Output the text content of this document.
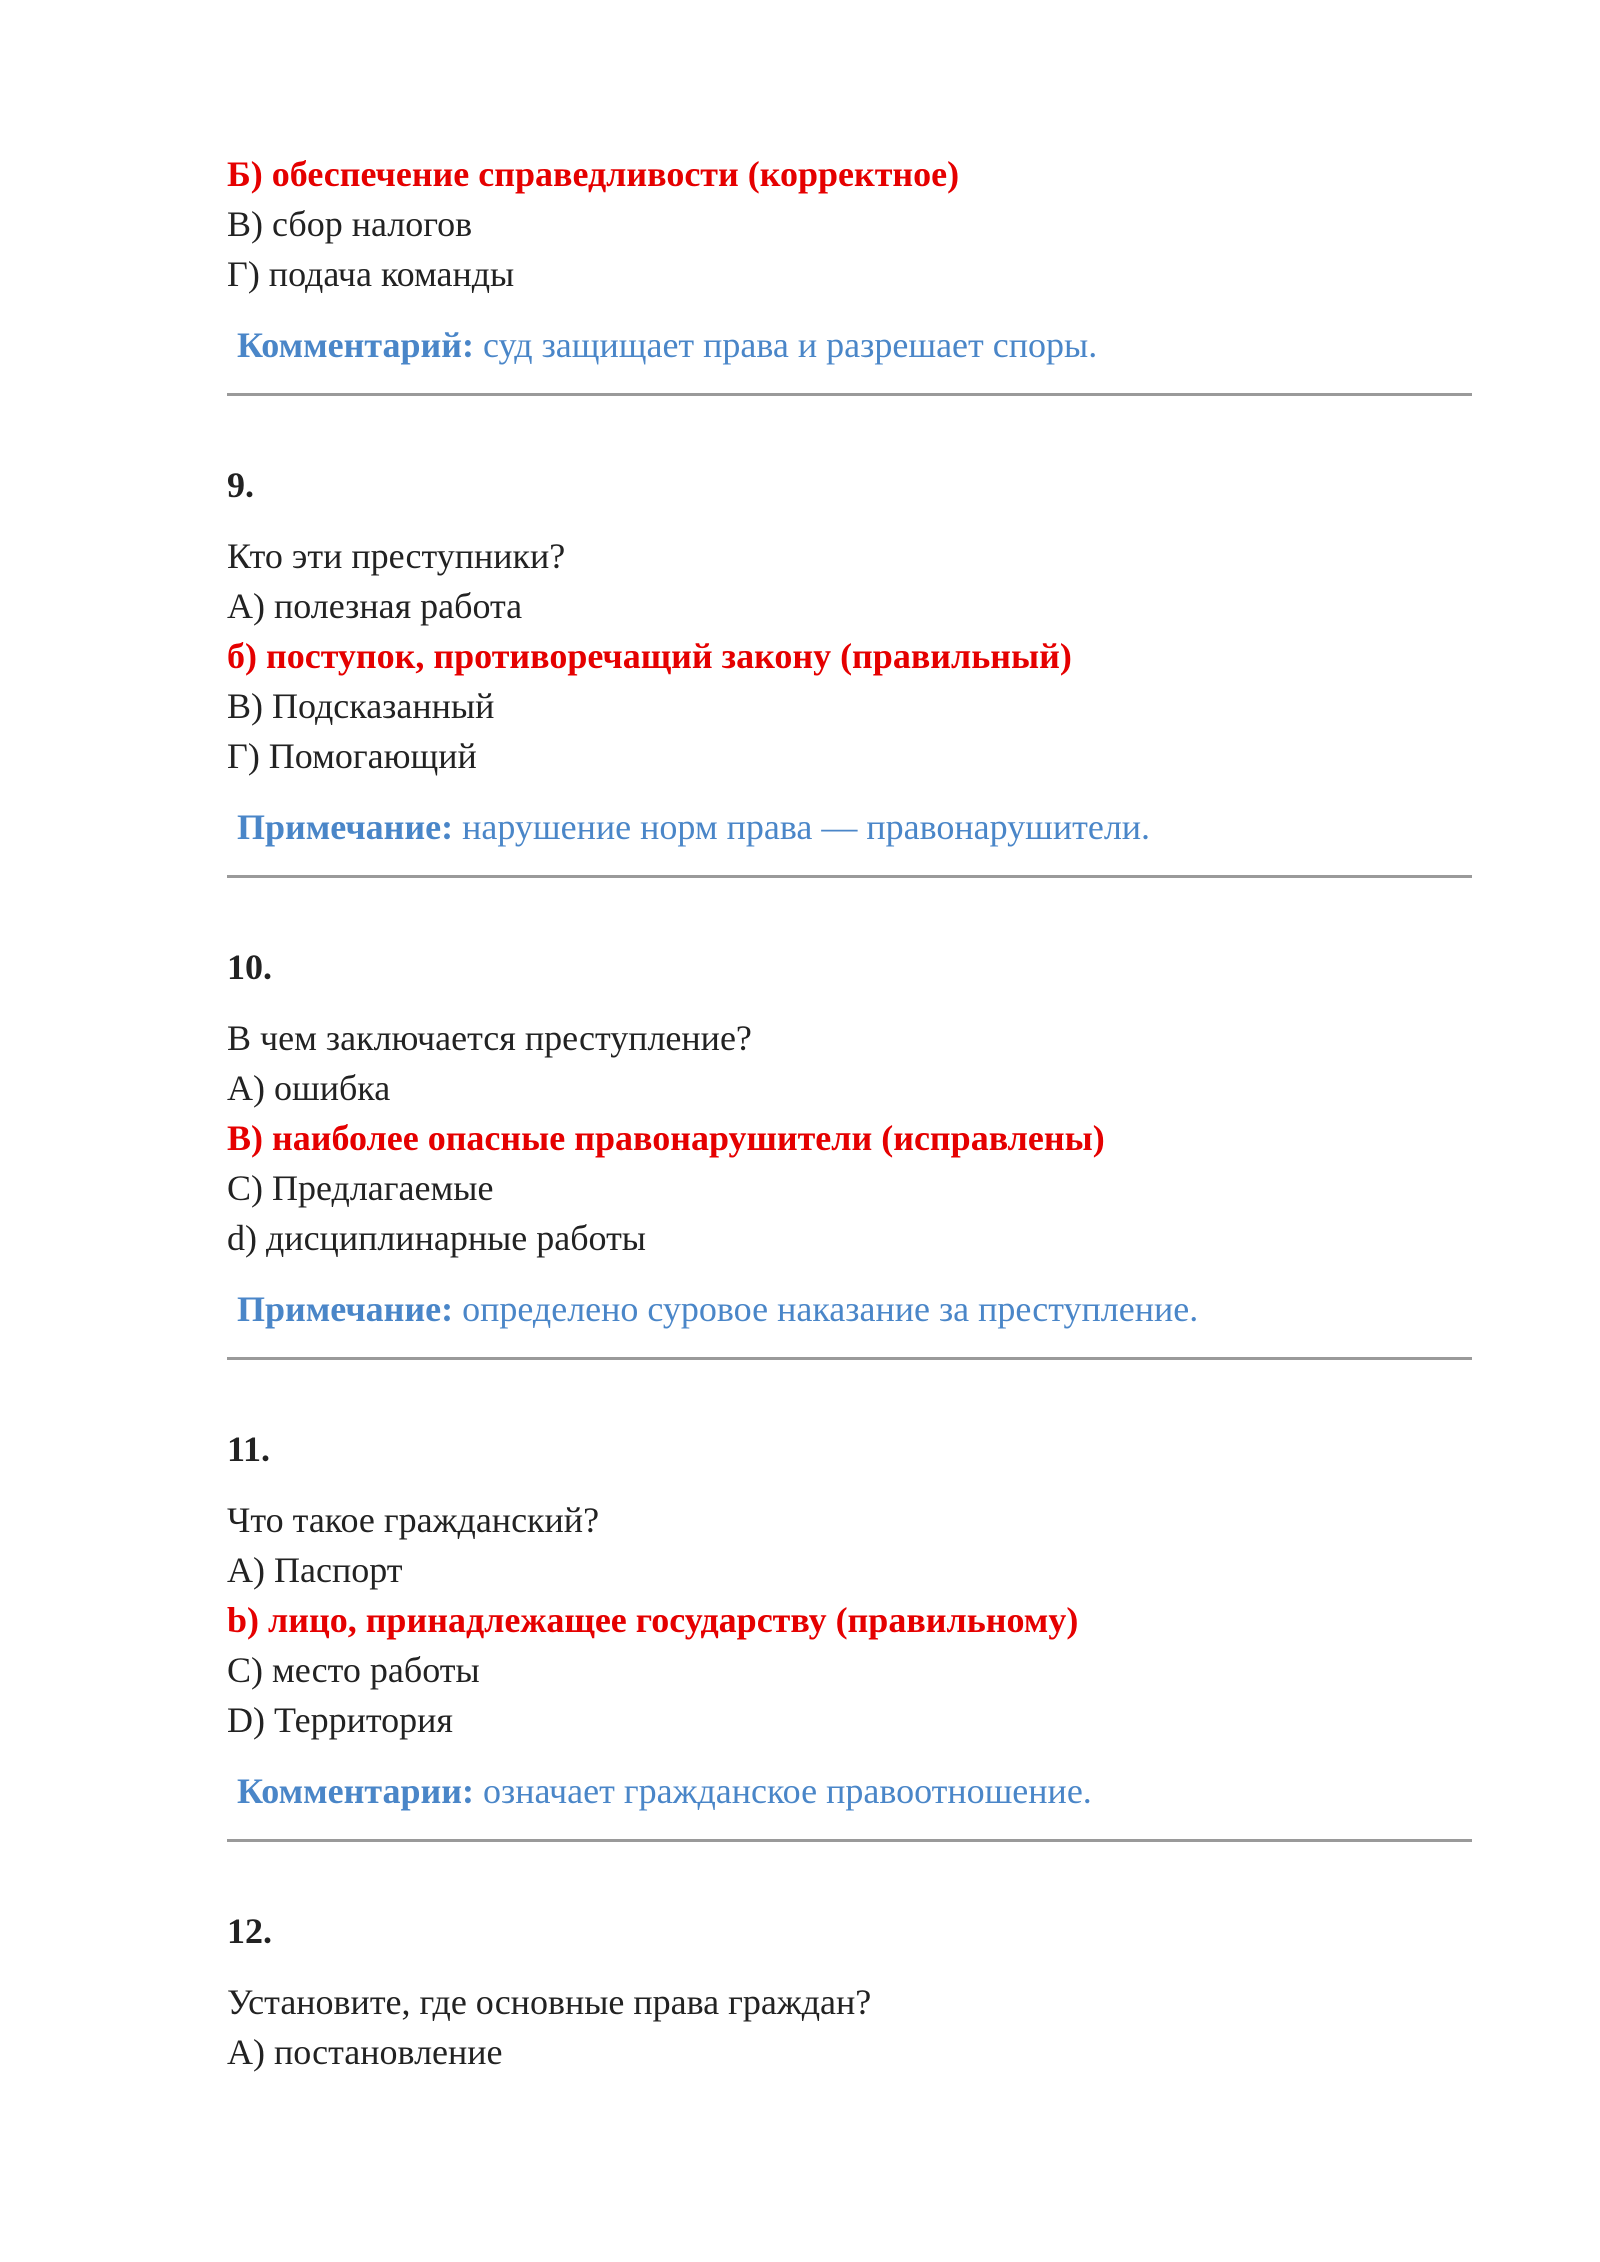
Б) обеспечение справедливости (корректное)
В) сбор налогов
Г) подача команды
Комментарий: суд защищает права и разрешает споры.
9.
Кто эти преступники?
А) полезная работа
б) поступок, противоречащий закону (правильный)
В) Подсказанный
Г) Помогающий
Примечание: нарушение норм права — правонарушители.
10.
В чем заключается преступление?
А) ошибка
В) наиболее опасные правонарушители (исправлены)
С) Предлагаемые
d) дисциплинарные работы
Примечание: определено суровое наказание за преступление.
11.
Что такое гражданский?
А) Паспорт
b) лицо, принадлежащее государству (правильному)
С) место работы
D) Территория
Комментарии: означает гражданское правоотношение.
12.
Установите, где основные права граждан?
А) постановление
